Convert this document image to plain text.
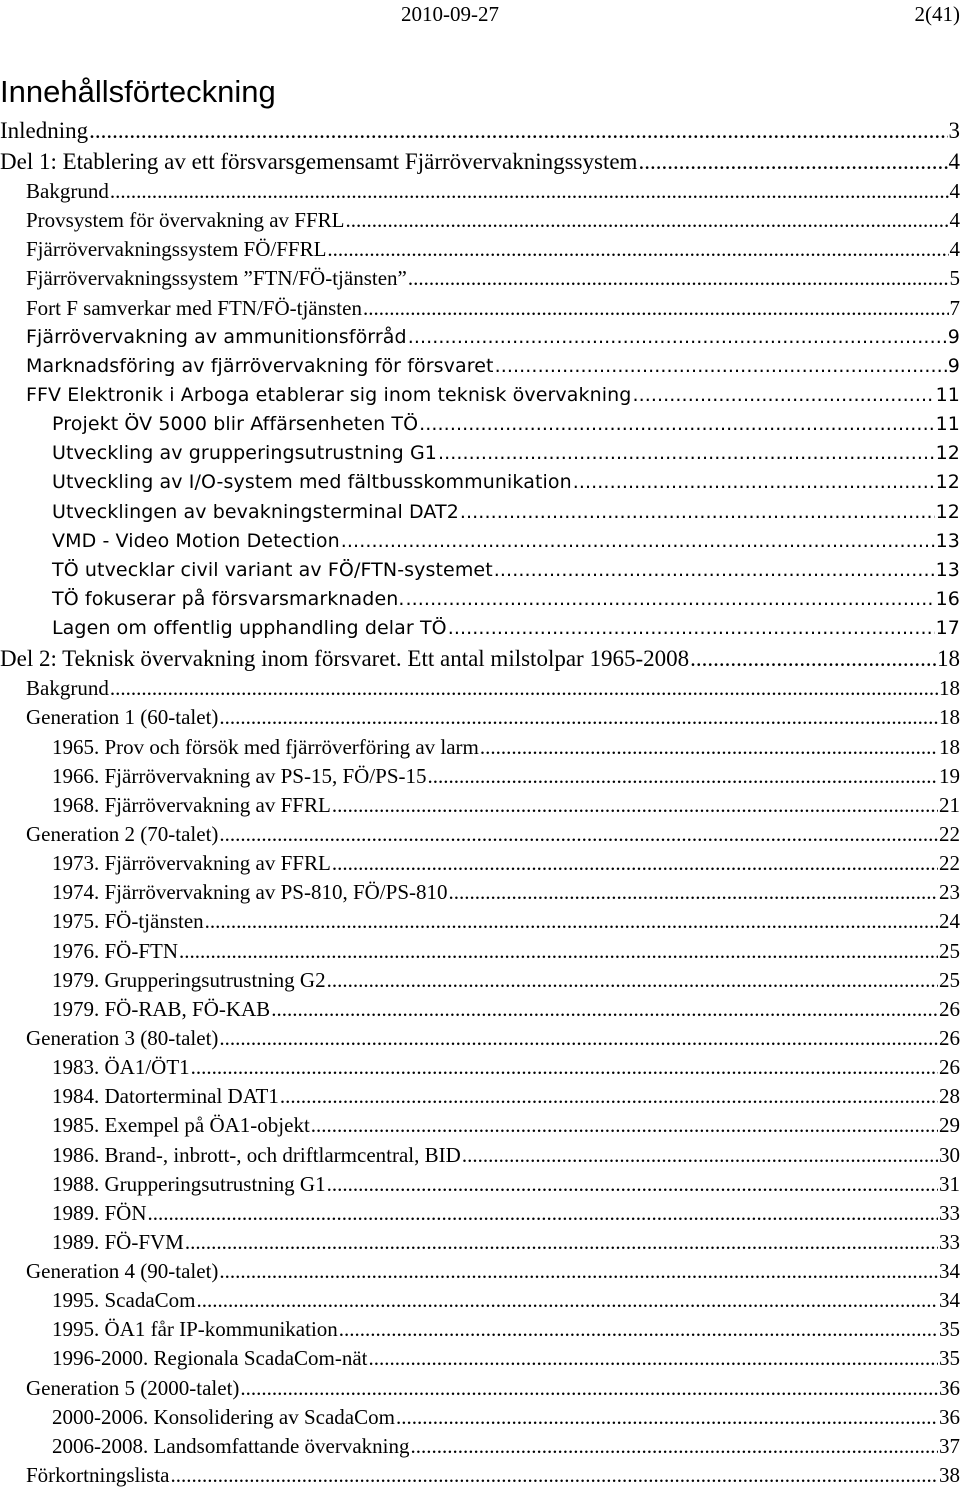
2010-09-27	2(41)
Innehållsförteckning
Inledning .....	3
Del 1: Etablering av ett försvarsgemensamt Fjärrövervakningssystem .....	4
Bakgrund .....	4
Provsystem för övervakning av FFRL .....	4
Fjärrövervakningssystem FÖ/FFRL .....	4
Fjärrövervakningssystem ”FTN/FÖ-tjänsten” .....	5
Fort F samverkar med FTN/FÖ-tjänsten .....	7
Fjärrövervakning av ammunitionsförråd .....	9
Marknadsföring av fjärrövervakning för försvaret .....	9
FFV Elektronik i Arboga etablerar sig inom teknisk övervakning .....	11
Projekt ÖV 5000 blir Affärsenheten TÖ .....	11
Utveckling av grupperingsutrustning G1 .....	12
Utveckling av I/O-system med fältbusskommunikation .....	12
Utvecklingen av bevakningsterminal DAT2 .....	12
VMD - Video Motion Detection .....	13
TÖ utvecklar civil variant av FÖ/FTN-systemet .....	13
TÖ fokuserar på försvarsmarknaden. .....	16
Lagen om offentlig upphandling delar TÖ .....	17
Del 2: Teknisk övervakning inom försvaret. Ett antal milstolpar 1965-2008 .....	18
Bakgrund .....	18
Generation 1 (60-talet) .....	18
1965. Prov och försök med fjärröverföring av larm .....	18
1966. Fjärrövervakning av PS-15, FÖ/PS-15 .....	19
1968. Fjärrövervakning av FFRL .....	21
Generation 2 (70-talet) .....	22
1973. Fjärrövervakning av FFRL .....	22
1974. Fjärrövervakning av PS-810, FÖ/PS-810 .....	23
1975. FÖ-tjänsten .....	24
1976. FÖ-FTN .....	25
1979. Grupperingsutrustning G2 .....	25
1979. FÖ-RAB, FÖ-KAB .....	26
Generation 3 (80-talet) .....	26
1983. ÖA1/ÖT1 .....	26
1984. Datorterminal DAT1 .....	28
1985. Exempel på ÖA1-objekt .....	29
1986. Brand-, inbrott-, och driftlarmcentral, BID .....	30
1988. Grupperingsutrustning G1 .....	31
1989. FÖN .....	33
1989. FÖ-FVM .....	33
Generation 4 (90-talet) .....	34
1995. ScadaCom .....	34
1995. ÖA1 får IP-kommunikation .....	35
1996-2000. Regionala ScadaCom-nät .....	35
Generation 5 (2000-talet) .....	36
2000-2006. Konsolidering av ScadaCom .....	36
2006-2008. Landsomfattande övervakning .....	37
Förkortningslista .....	38
